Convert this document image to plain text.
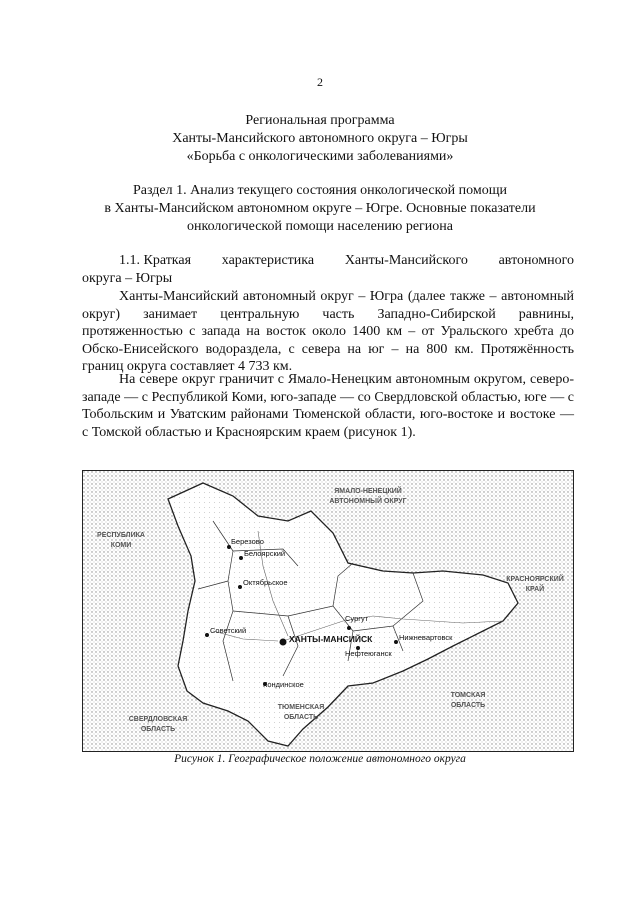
2
Региональная программа
Ханты-Мансийского автономного округа – Югры
«Борьба с онкологическими заболеваниями»
Раздел 1. Анализ текущего состояния онкологической помощи
в Ханты-Мансийском автономном округе – Югре. Основные показатели
онкологической помощи населению региона
1.1. Краткая характеристика Ханты-Мансийского автономного
округа – Югры

Ханты-Мансийский автономный округ – Югра (далее также – автономный округ) занимает центральную часть Западно-Сибирской равнины, протяженностью с запада на восток около 1400 км – от Уральского хребта до Обско-Енисейского водораздела, с севера на юг – на 800 км. Протяжённость границ округа составляет 4 733 км.

На севере округ граничит с Ямало-Ненецким автономным округом, северо-западе — с Республикой Коми, юго-западе — со Свердловской областью, юге — с Тобольским и Уватским районами Тюменской области, юго-востоке и востоке — с Томской областью и Красноярским краем (рисунок 1).

ЯМАЛО-НЕНЕЦКИЙ
АВТОНОМНЫЙ ОКРУГ
РЕСПУБЛИКА
КОМИ
КРАСНОЯРСКИЙ
КРАЙ
СВЕРДЛОВСКАЯ
ОБЛАСТЬ
ТЮМЕНСКАЯ
ОБЛАСТЬ
ТОМСКАЯ
ОБЛАСТЬ
Березово
Белоярский
Октябрьское
Советский
ХАНТЫ-МАНСИЙСК
Сургут
Нефтеюганск
Нижневартовск
Кондинское
Рисунок 1. Географическое положение автономного округа
